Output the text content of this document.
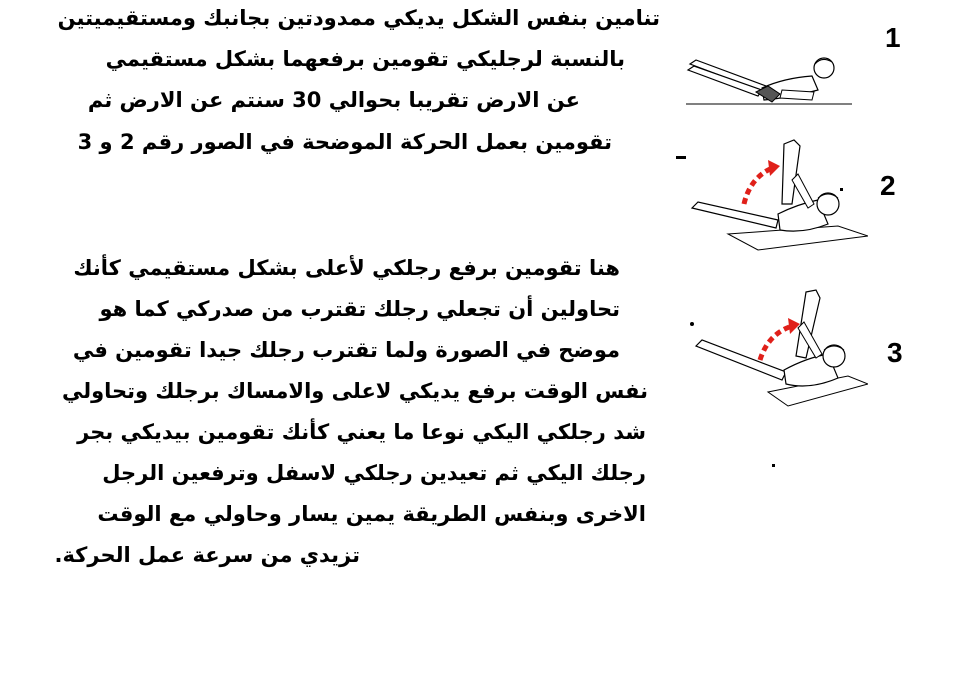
تنامين بنفس الشكل يديكي ممدودتين بجانبك ومستقيميتين
بالنسبة لرجليكي تقومين برفعهما بشكل مستقيمي
عن الارض تقريبا بحوالي 30 سنتم عن الارض ثم
تقومين بعمل الحركة الموضحة في الصور رقم 2 و 3
هنا تقومين برفع رجلكي لأعلى بشكل مستقيمي كأنك
تحاولين أن تجعلي رجلك تقترب من صدركي كما هو
موضح في الصورة ولما تقترب رجلك جيدا تقومين في
نفس الوقت برفع يديكي لاعلى والامساك برجلك وتحاولي
شد رجلكي اليكي نوعا ما يعني كأنك تقومين بيديكي بجر
رجلك اليكي ثم تعيدين رجلكي لاسفل وترفعين الرجل
الاخرى وبنفس الطريقة يمين يسار وحاولي مع الوقت
تزيدي من سرعة عمل الحركة.
1
2
3
